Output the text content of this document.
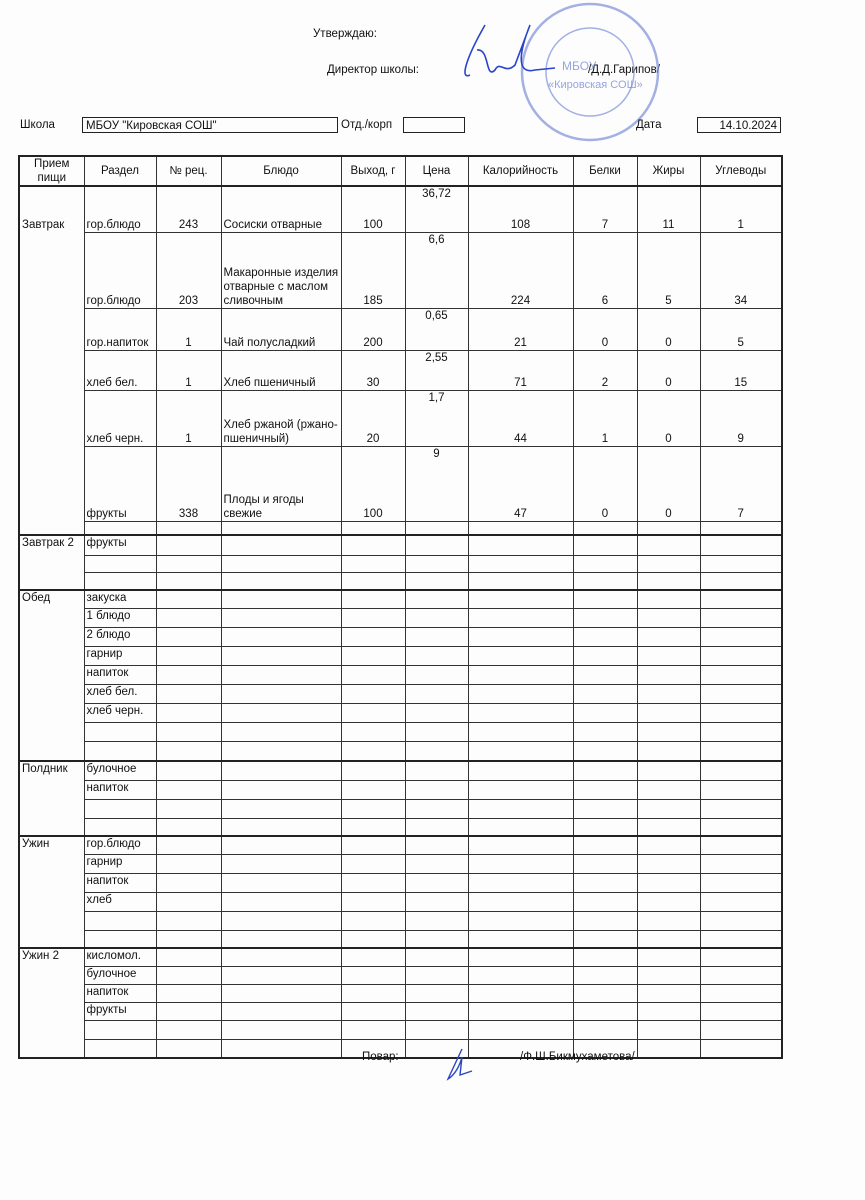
Утверждаю:
Директор школы:	/Д.Д.Гарипов/
МБОУ
«Кировская СОШ»
Школа	МБОУ "Кировская СОШ"	Отд./корп	Дата	14.10.2024
Прием пищи	Раздел	№ рец.	Блюдо	Выход, г	Цена	Калорийность	Белки	Жиры	Углеводы
Завтрак	гор.блюдо	243	Сосиски отварные	100	36,72	108	7	11	1
	гор.блюдо	203	Макаронные изделия отварные с маслом сливочным	185	6,6	224	6	5	34
	гор.напиток	1	Чай полусладкий	200	0,65	21	0	0	5
	хлеб бел.	1	Хлеб пшеничный	30	2,55	71	2	0	15
	хлеб черн.	1	Хлеб ржаной (ржано-пшеничный)	20	1,7	44	1	0	9
	фрукты	338	Плоды и ягоды свежие	100	9	47	0	0	7

Завтрак 2	фрукты								

Обед	закуска								
	1 блюдо								
	2 блюдо								
	гарнир								
	напиток								
	хлеб бел.								
	хлеб черн.								

Полдник	булочное								
	напиток								

Ужин	гор.блюдо								
	гарнир								
	напиток								
	хлеб								

Ужин 2	кисломол.								
	булочное								
	напиток								
	фрукты								

Повар:	/Ф.Ш.Бикмухаметова/
